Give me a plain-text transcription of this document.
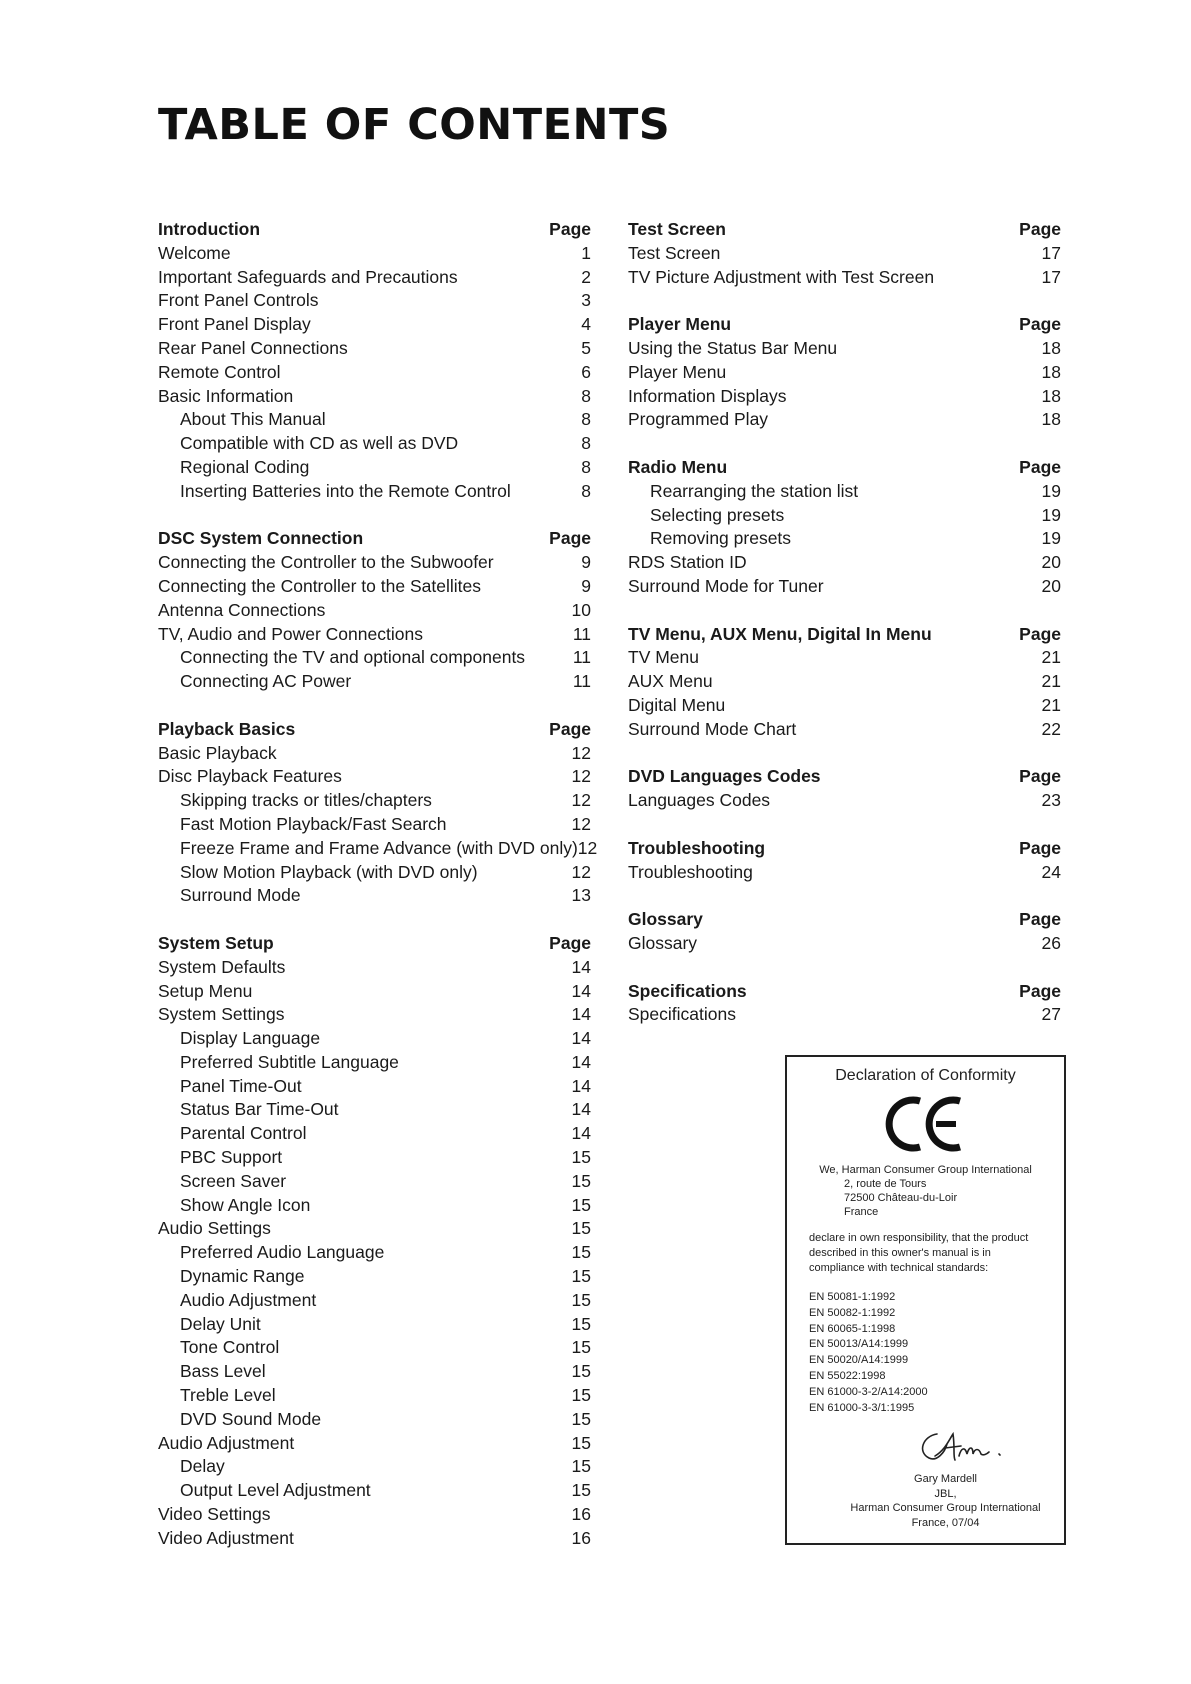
TABLE OF CONTENTS
Introduction	Page
Welcome	1
Important Safeguards and Precautions	2
Front Panel Controls	3
Front Panel Display	4
Rear Panel Connections	5
Remote Control	6
Basic Information	8
About This Manual	8
Compatible with CD as well as DVD	8
Regional Coding	8
Inserting Batteries into the Remote Control	8
DSC System Connection	Page
Connecting the Controller to the Subwoofer	9
Connecting the Controller to the Satellites	9
Antenna Connections	10
TV, Audio and Power Connections	11
Connecting the TV and optional components	11
Connecting AC Power	11
Playback Basics	Page
Basic Playback	12
Disc Playback Features	12
Skipping tracks or titles/chapters	12
Fast Motion Playback/Fast Search	12
Freeze Frame and Frame Advance (with DVD only) 12
Slow Motion Playback (with DVD only)	12
Surround Mode	13
System Setup	Page
System Defaults	14
Setup Menu	14
System Settings	14
Display Language	14
Preferred Subtitle Language	14
Panel Time-Out	14
Status Bar Time-Out	14
Parental Control	14
PBC Support	15
Screen Saver	15
Show Angle Icon	15
Audio Settings	15
Preferred Audio Language	15
Dynamic Range	15
Audio Adjustment	15
Delay Unit	15
Tone Control	15
Bass Level	15
Treble Level	15
DVD Sound Mode	15
Audio Adjustment	15
Delay	15
Output Level Adjustment	15
Video Settings	16
Video Adjustment	16
Test Screen	Page
Test Screen	17
TV Picture Adjustment with Test Screen	17
Player Menu	Page
Using the Status Bar Menu	18
Player Menu	18
Information Displays	18
Programmed Play	18
Radio Menu	Page
Rearranging the station list	19
Selecting presets	19
Removing presets	19
RDS Station ID	20
Surround Mode for Tuner	20
TV Menu, AUX Menu, Digital In Menu	Page
TV Menu	21
AUX Menu	21
Digital Menu	21
Surround Mode Chart	22
DVD Languages Codes	Page
Languages Codes	23
Troubleshooting	Page
Troubleshooting	24
Glossary	Page
Glossary	26
Specifications	Page
Specifications	27
Declaration of Conformity
We, Harman Consumer Group International
2, route de Tours
72500 Château-du-Loir
France
declare in own responsibility, that the product described in this owner's manual is in compliance with technical standards:
EN 50081-1:1992
EN 50082-1:1992
EN 60065-1:1998
EN 50013/A14:1999
EN 50020/A14:1999
EN 55022:1998
EN 61000-3-2/A14:2000
EN 61000-3-3/1:1995
Gary Mardell
JBL,
Harman Consumer Group International
France, 07/04
